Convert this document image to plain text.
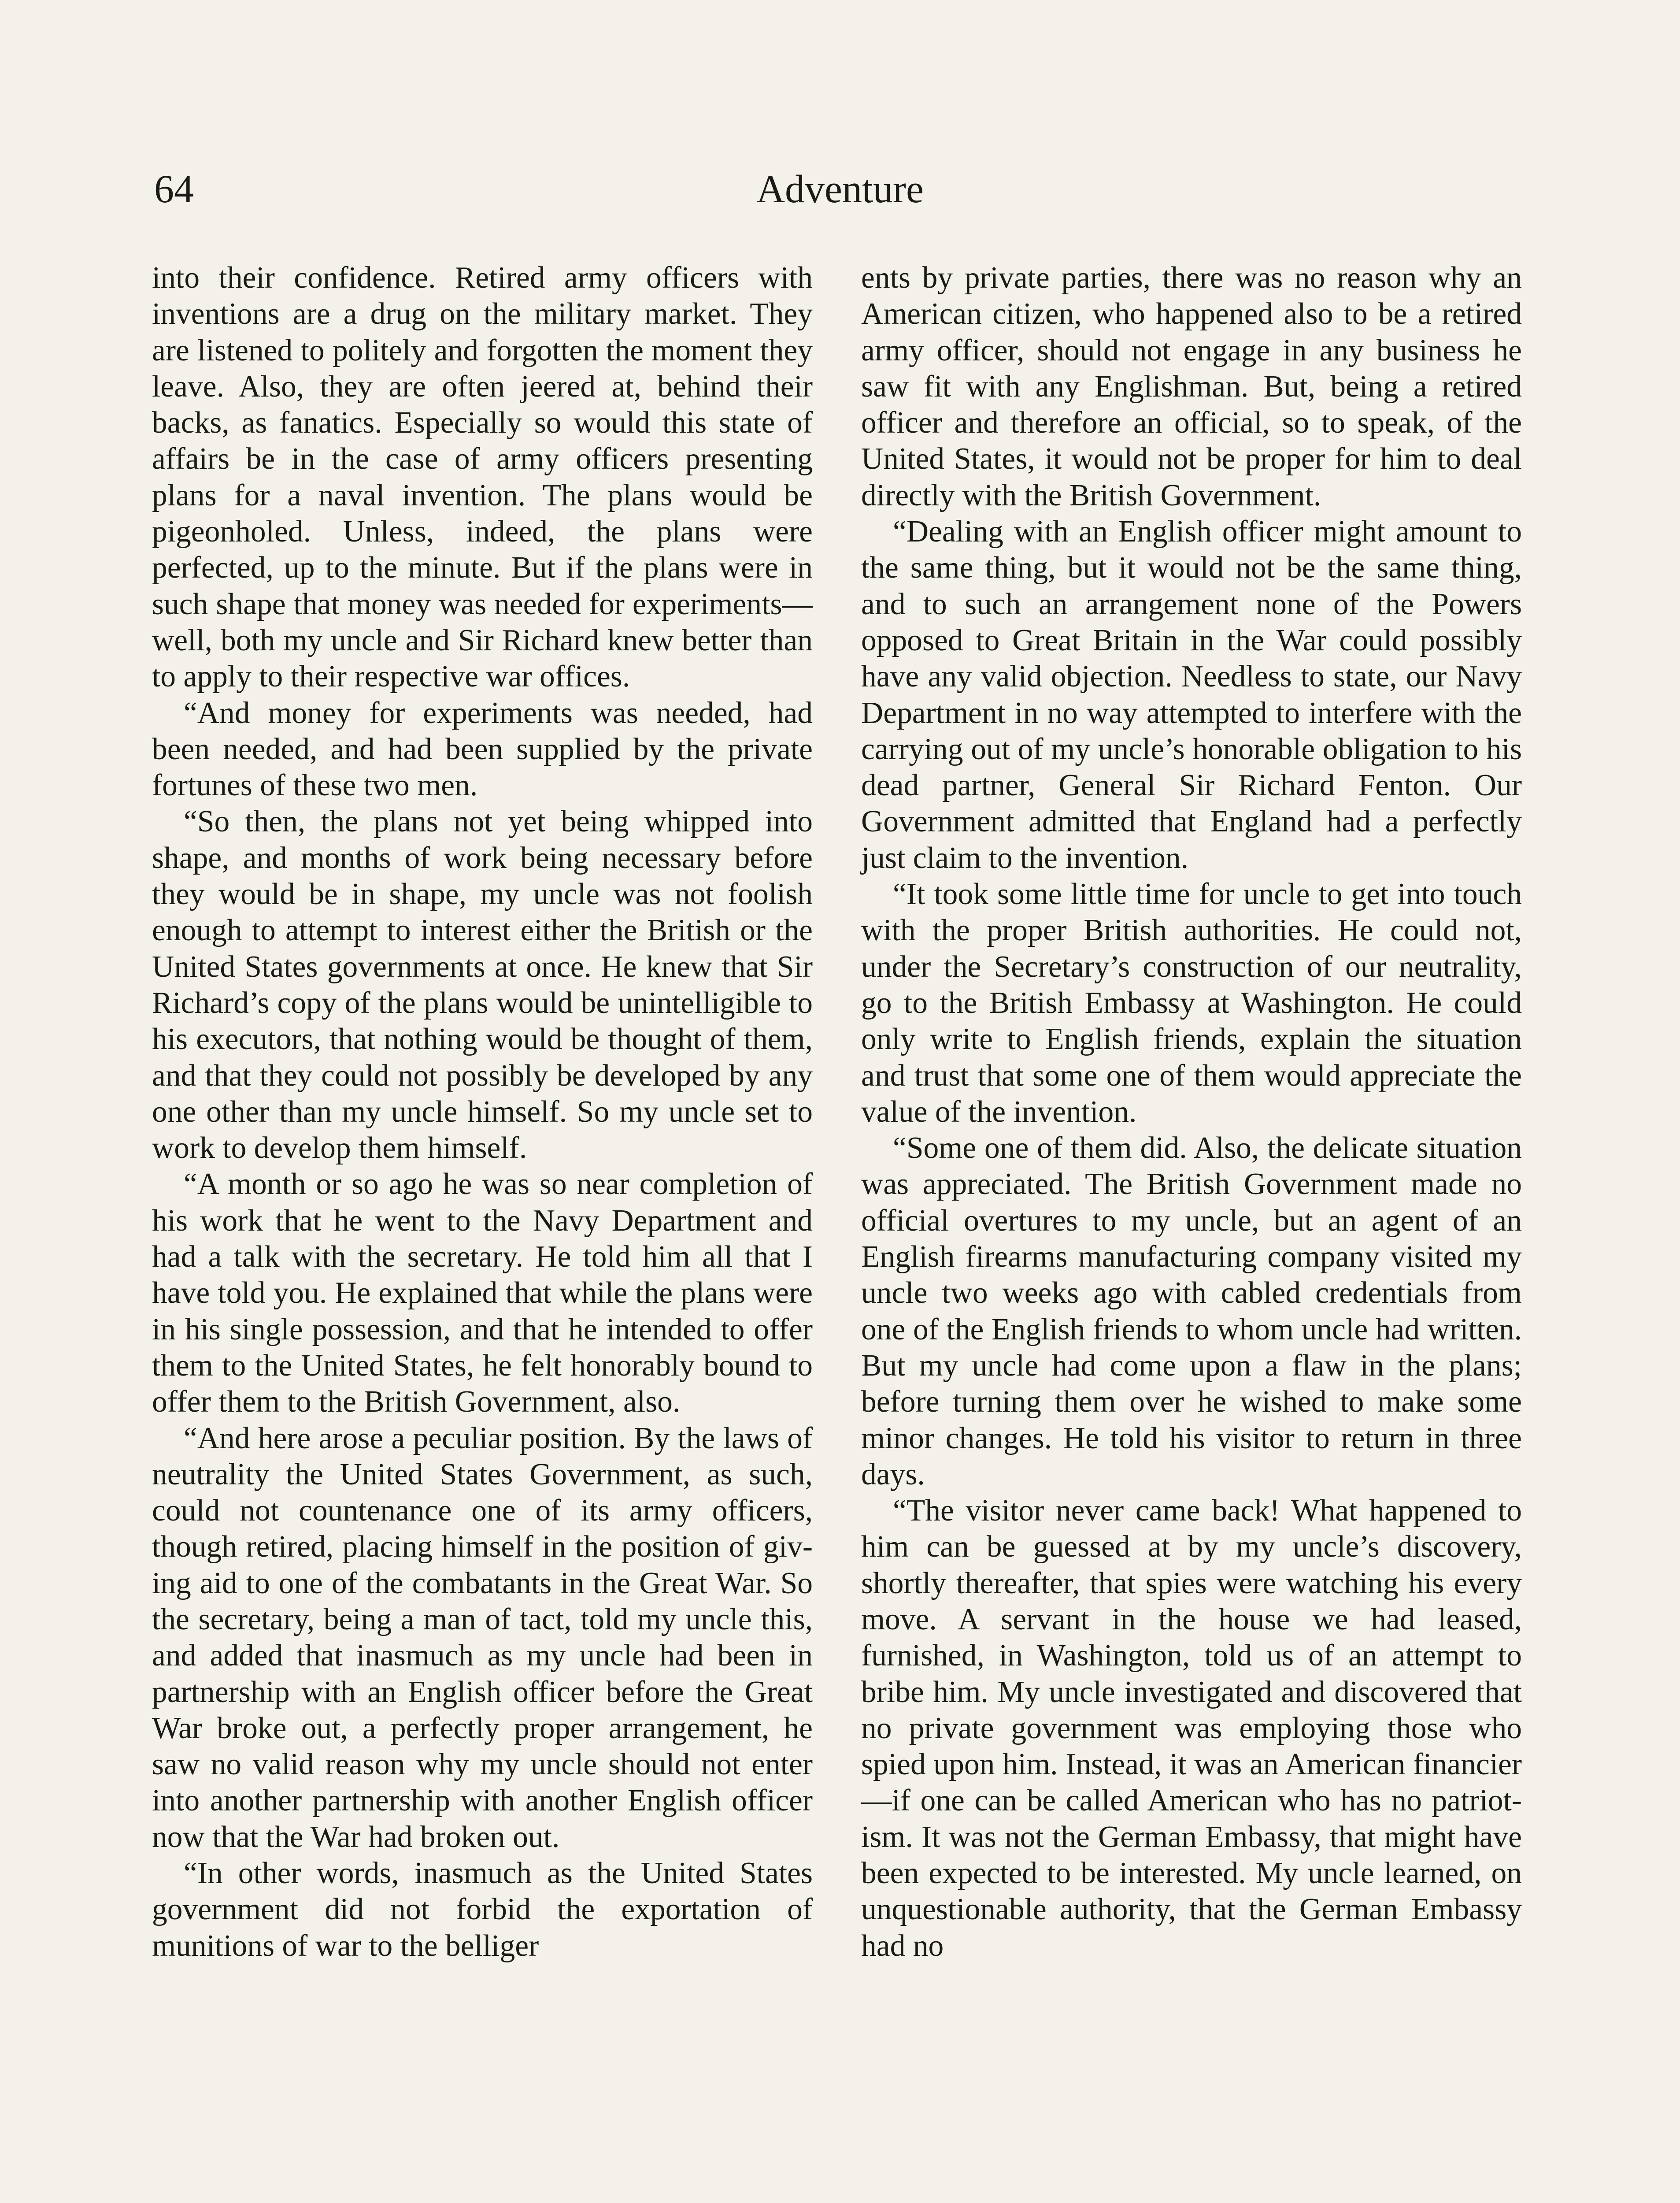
64	Adventure

into their confidence. Retired army officers with inventions are a drug on the military market. They are listened to politely and forgotten the moment they leave. Also, they are often jeered at, behind their backs, as fanatics. Especially so would this state of affairs be in the case of army officers presenting plans for a naval invention. The plans would be pigeonholed. Unless, indeed, the plans were perfected, up to the minute. But if the plans were in such shape that money was needed for experiments—well, both my uncle and Sir Richard knew better than to apply to their respective war offices.

“And money for experiments was needed, had been needed, and had been supplied by the private fortunes of these two men.

“So then, the plans not yet being whipped into shape, and months of work being necessary before they would be in shape, my uncle was not foolish enough to attempt to interest either the British or the United States governments at once. He knew that Sir Richard’s copy of the plans would be unintelligible to his executors, that nothing would be thought of them, and that they could not possibly be developed by any one other than my uncle himself. So my uncle set to work to develop them himself.

“A month or so ago he was so near completion of his work that he went to the Navy Department and had a talk with the secretary. He told him all that I have told you. He explained that while the plans were in his single possession, and that he intended to offer them to the United States, he felt honorably bound to offer them to the British Government, also.

“And here arose a peculiar position. By the laws of neutrality the United States Government, as such, could not countenance one of its army officers, though retired, placing himself in the position of giving aid to one of the combatants in the Great War. So the secretary, being a man of tact, told my uncle this, and added that inasmuch as my uncle had been in partnership with an English officer before the Great War broke out, a perfectly proper arrangement, he saw no valid reason why my uncle should not enter into another partnership with another English officer now that the War had broken out.

“In other words, inasmuch as the United States government did not forbid the exportation of munitions of war to the belliger

ents by private parties, there was no reason why an American citizen, who happened also to be a retired army officer, should not engage in any business he saw fit with any Englishman. But, being a retired officer and therefore an official, so to speak, of the United States, it would not be proper for him to deal directly with the British Government.

“Dealing with an English officer might amount to the same thing, but it would not be the same thing, and to such an arrangement none of the Powers opposed to Great Britain in the War could possibly have any valid objection. Needless to state, our Navy Department in no way attempted to interfere with the carrying out of my uncle’s honorable obligation to his dead partner, General Sir Richard Fenton. Our Government admitted that England had a perfectly just claim to the invention.

“It took some little time for uncle to get into touch with the proper British authorities. He could not, under the Secretary’s construction of our neutrality, go to the British Embassy at Washington. He could only write to English friends, explain the situation and trust that some one of them would appreciate the value of the invention.

“Some one of them did. Also, the delicate situation was appreciated. The British Government made no official overtures to my uncle, but an agent of an English firearms manufacturing company visited my uncle two weeks ago with cabled credentials from one of the English friends to whom uncle had written. But my uncle had come upon a flaw in the plans; before turning them over he wished to make some minor changes. He told his visitor to return in three days.

“The visitor never came back! What happened to him can be guessed at by my uncle’s discovery, shortly thereafter, that spies were watching his every move. A servant in the house we had leased, furnished, in Washington, told us of an attempt to bribe him. My uncle investigated and discovered that no private government was employing those who spied upon him. Instead, it was an American financier—if one can be called American who has no patriotism. It was not the German Embassy, that might have been expected to be interested. My uncle learned, on unquestionable authority, that the German Embassy had no
